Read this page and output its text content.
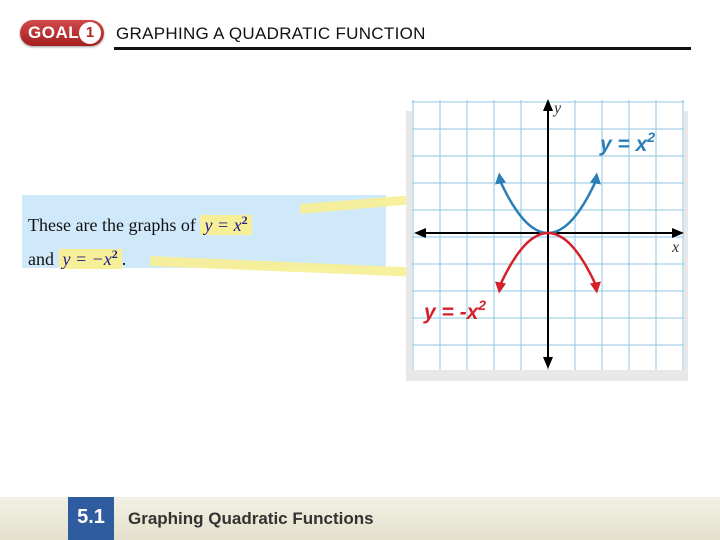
GOAL 1	GRAPHING A QUADRATIC FUNCTION
These are the graphs of $y = x^2$
and $y = -x^2$ .
y
x
$y = x^2$
$y = -x^2$
5.1	Graphing Quadratic Functions
